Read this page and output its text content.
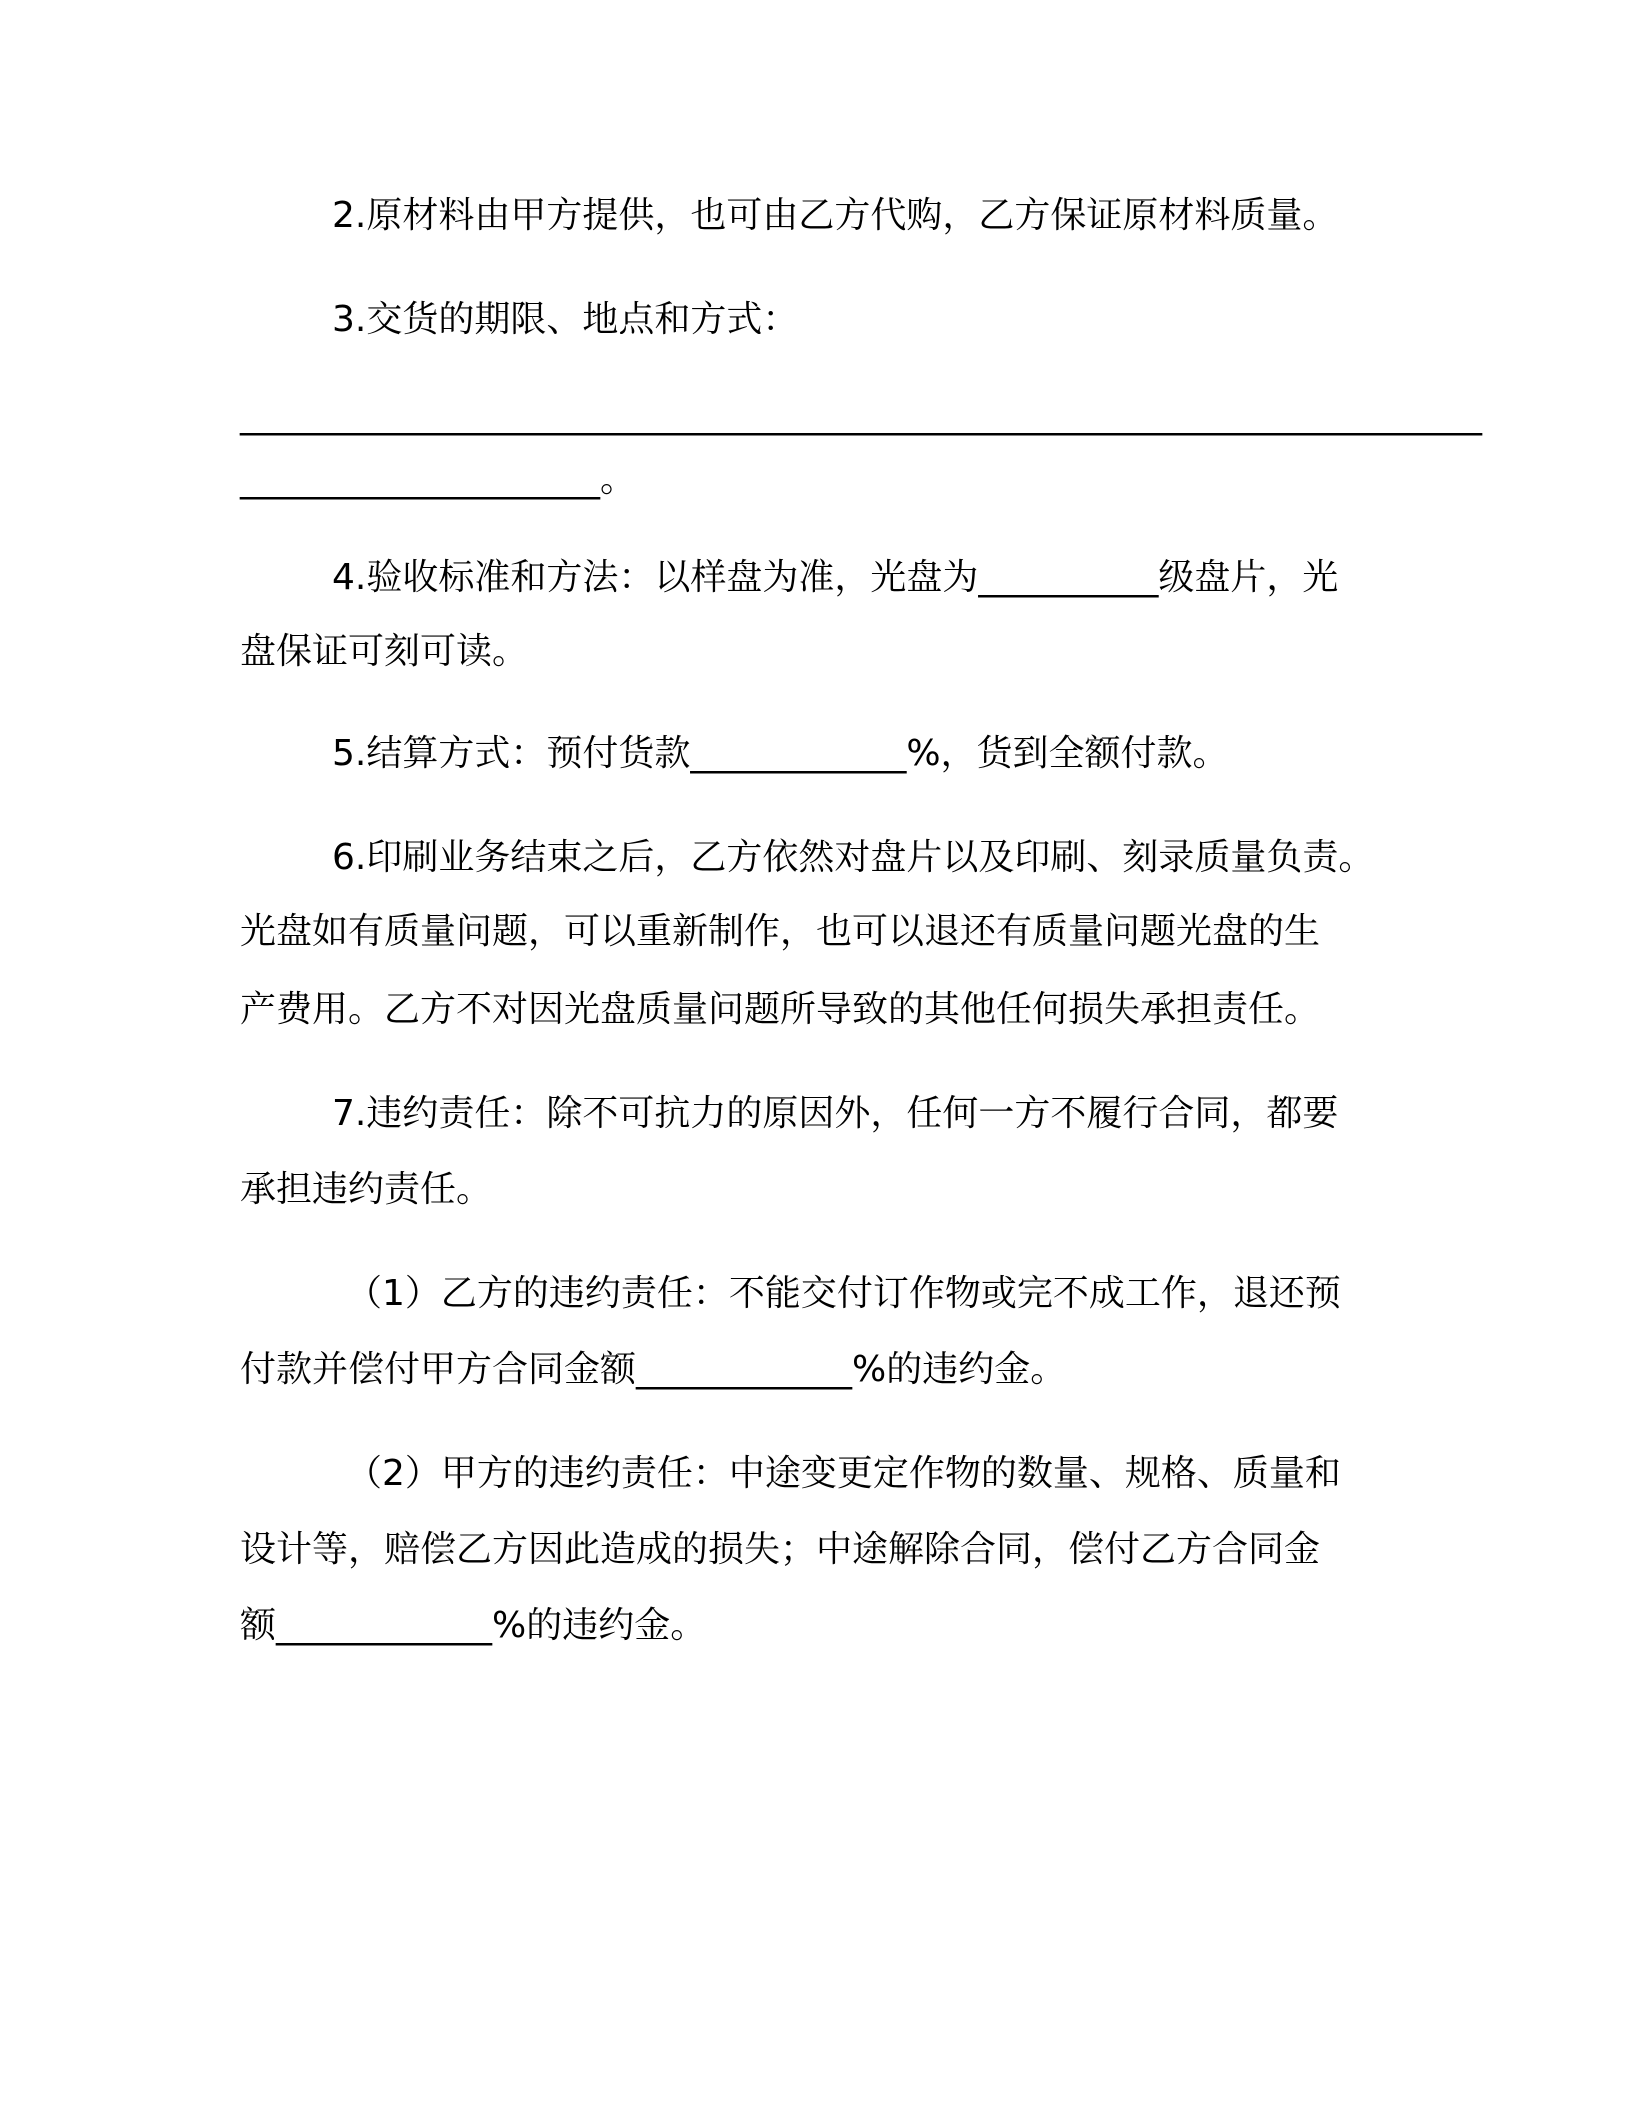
2.原材料由甲方提供，也可由乙方代购，乙方保证原材料质量。

3.交货的期限、地点和方式：

_____________________________________________________________________

____________________。

4.验收标准和方法：以样盘为准，光盘为__________级盘片，光

盘保证可刻可读。

5.结算方式：预付货款____________%，货到全额付款。

6.印刷业务结束之后，乙方依然对盘片以及印刷、刻录质量负责。

光盘如有质量问题，可以重新制作，也可以退还有质量问题光盘的生

产费用。乙方不对因光盘质量问题所导致的其他任何损失承担责任。

7.违约责任：除不可抗力的原因外，任何一方不履行合同，都要

承担违约责任。

（1）乙方的违约责任：不能交付订作物或完不成工作，退还预

付款并偿付甲方合同金额____________%的违约金。

（2）甲方的违约责任：中途变更定作物的数量、规格、质量和

设计等，赔偿乙方因此造成的损失；中途解除合同，偿付乙方合同金

额____________%的违约金。
